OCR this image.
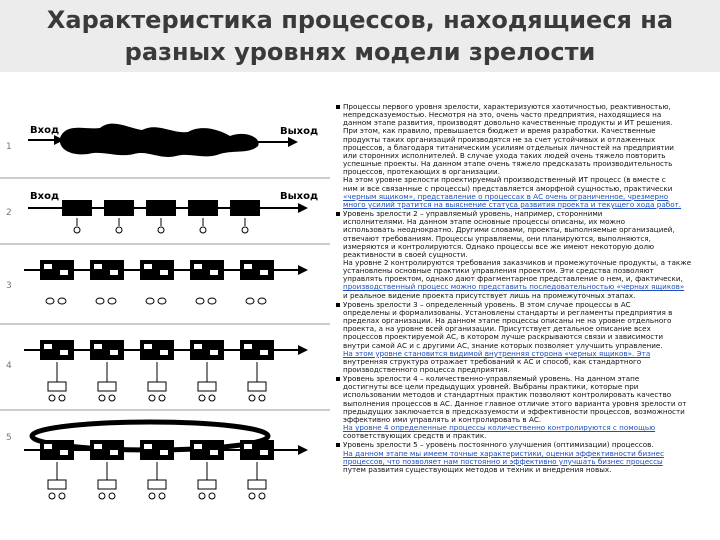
Характеристика процессов, находящиеся на
разных уровнях модели зрелости
1
Вход	Выход
2
Вход	Выход
3
4
5
Процессы первого уровня зрелости, характеризуются хаотичностью, реактивностью,
непредсказуемостью. Несмотря на это, очень часто предприятия, находящиеся на
данном этапе развития, производят довольно качественные продукты и ИТ решения.
При этом, как правило, превышается бюджет и время разработки. Качественные
продукты таких организаций производятся не за счет устойчивых и отлаженных
процессов, а благодаря титаническим усилиям отдельных личностей на предприятии
или сторонних исполнителей. В случае ухода таких людей очень тяжело повторить
успешные проекты. На данном этапе очень тяжело предсказать производительность
процессов, протекающих в организации.
На этом уровне зрелости проектируемый производственный ИТ процесс (в вместе с
ним и все связанные с процессы) представляется аморфной сущностью, практически
«черным ящиком», представление о процессах в АС очень ограниченное, чрезмерно
много усилий тратится на выяснение статуса развития проекта и текущего хода работ.
Уровень зрелости 2 – управляемый уровень, например, сторонними
исполнителями. На данном этапе основные процессы описаны, их можно
использовать неоднократно. Другими словами, проекты, выполняемые организацией,
отвечают требованиям. Процессы управляемы, они планируются, выполняются,
измеряются и контролируются. Однако процессы все же имеют некоторую долю
реактивности в своей сущности.
На уровне 2 контролируются требования заказчиков и промежуточные продукты, а также
установлены основные практики управления проектом. Эти средства позволяют
управлять проектом, однако дают фрагментарное представление о нем, и, фактически,
производственный процесс можно представить последовательностью «черных ящиков»
и реальное видение проекта присутствует лишь на промежуточных этапах.
Уровень зрелости 3 – определенный уровень. В этом случае процессы в АС
определены и формализованы. Установлены стандарты и регламенты предприятия в
пределах организации. На данном этапе процессы описаны не на уровне отдельного
проекта, а на уровне всей организации. Присутствует детальное описание всех
процессов проектируемой АС, в котором лучше раскрываются связи и зависимости
внутри самой АС и с другими АС, знание которых позволяет улучшить управление.
На этом уровне становится видимой внутренняя сторона «черных ящиков». Эта
внутренняя структура отражает требований к АС и способ, как стандартного
производственного процесса предприятия.
Уровень зрелости 4 – количественно-управляемый уровень. На данном этапе
достигнуты все цели предыдущих уровней. Выбраны практики, которые при
использовании методов и стандартных практик позволяют контролировать качество
выполнения процессов в АС. Данное главное отличие этого варианта уровня зрелости от
предыдущих заключается в предсказуемости и эффективности процессов, возможности
эффективно ими управлять и контролировать в АС.
На уровне 4 определенные процессы количественно контролируются с помощью
соответствующих средств и практик.
Уровень зрелости 5 – уровень постоянного улучшения (оптимизации) процессов.
На данном этапе мы имеем точные характеристики, оценки эффективности бизнес
процессов, что позволяет нам постоянно и эффективно улучшать бизнес процессы
путем развития существующих методов и техник и внедрения новых.
